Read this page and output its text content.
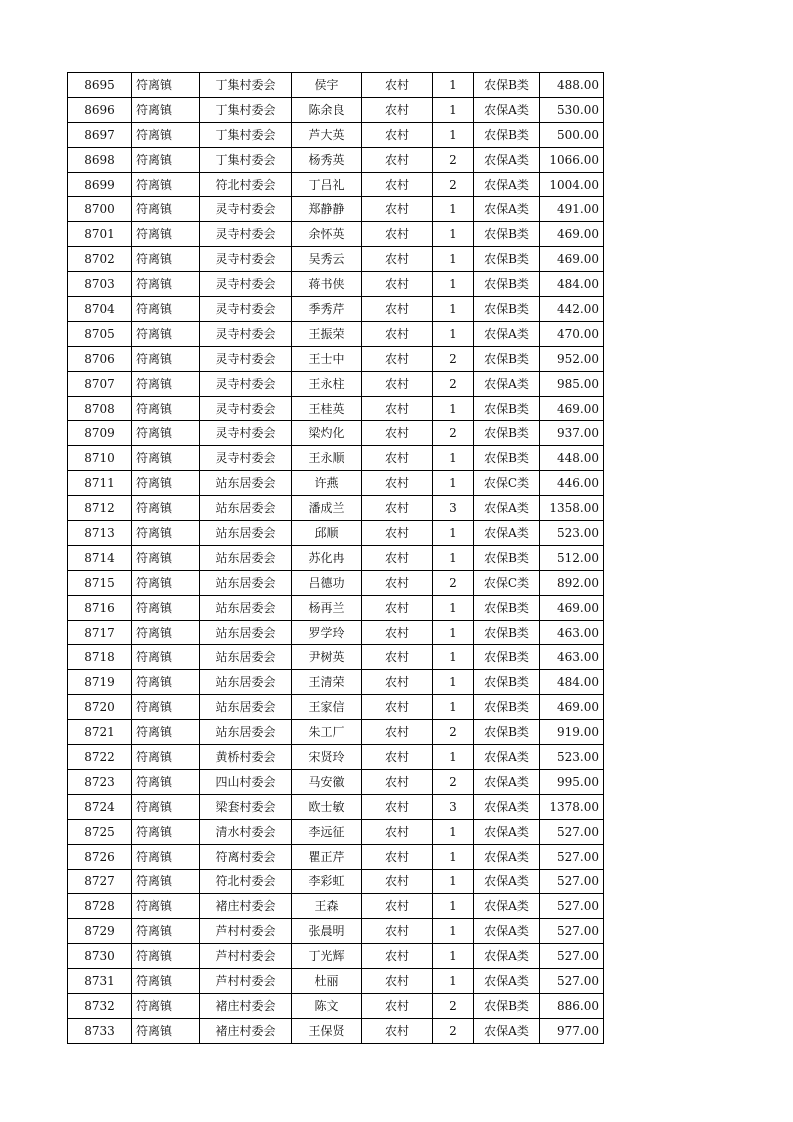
8695	符离镇	丁集村委会	侯宇	农村	1	农保B类	488.00
8696	符离镇	丁集村委会	陈余良	农村	1	农保A类	530.00
8697	符离镇	丁集村委会	芦大英	农村	1	农保B类	500.00
8698	符离镇	丁集村委会	杨秀英	农村	2	农保A类	1066.00
8699	符离镇	符北村委会	丁吕礼	农村	2	农保A类	1004.00
8700	符离镇	灵寺村委会	郑静静	农村	1	农保A类	491.00
8701	符离镇	灵寺村委会	余怀英	农村	1	农保B类	469.00
8702	符离镇	灵寺村委会	吴秀云	农村	1	农保B类	469.00
8703	符离镇	灵寺村委会	蒋书侠	农村	1	农保B类	484.00
8704	符离镇	灵寺村委会	季秀芹	农村	1	农保B类	442.00
8705	符离镇	灵寺村委会	王振荣	农村	1	农保A类	470.00
8706	符离镇	灵寺村委会	王士中	农村	2	农保B类	952.00
8707	符离镇	灵寺村委会	王永柱	农村	2	农保A类	985.00
8708	符离镇	灵寺村委会	王桂英	农村	1	农保B类	469.00
8709	符离镇	灵寺村委会	梁灼化	农村	2	农保B类	937.00
8710	符离镇	灵寺村委会	王永顺	农村	1	农保B类	448.00
8711	符离镇	站东居委会	许燕	农村	1	农保C类	446.00
8712	符离镇	站东居委会	潘成兰	农村	3	农保A类	1358.00
8713	符离镇	站东居委会	邱顺	农村	1	农保A类	523.00
8714	符离镇	站东居委会	苏化冉	农村	1	农保B类	512.00
8715	符离镇	站东居委会	吕德功	农村	2	农保C类	892.00
8716	符离镇	站东居委会	杨再兰	农村	1	农保B类	469.00
8717	符离镇	站东居委会	罗学玲	农村	1	农保B类	463.00
8718	符离镇	站东居委会	尹树英	农村	1	农保B类	463.00
8719	符离镇	站东居委会	王清荣	农村	1	农保B类	484.00
8720	符离镇	站东居委会	王家信	农村	1	农保B类	469.00
8721	符离镇	站东居委会	朱工厂	农村	2	农保B类	919.00
8722	符离镇	黄桥村委会	宋贤玲	农村	1	农保A类	523.00
8723	符离镇	四山村委会	马安徽	农村	2	农保A类	995.00
8724	符离镇	梁套村委会	欧士敏	农村	3	农保A类	1378.00
8725	符离镇	清水村委会	李远征	农村	1	农保A类	527.00
8726	符离镇	符离村委会	瞿正芹	农村	1	农保A类	527.00
8727	符离镇	符北村委会	李彩虹	农村	1	农保A类	527.00
8728	符离镇	褚庄村委会	王森	农村	1	农保A类	527.00
8729	符离镇	芦村村委会	张晨明	农村	1	农保A类	527.00
8730	符离镇	芦村村委会	丁光辉	农村	1	农保A类	527.00
8731	符离镇	芦村村委会	杜丽	农村	1	农保A类	527.00
8732	符离镇	褚庄村委会	陈文	农村	2	农保B类	886.00
8733	符离镇	褚庄村委会	王保贤	农村	2	农保A类	977.00
